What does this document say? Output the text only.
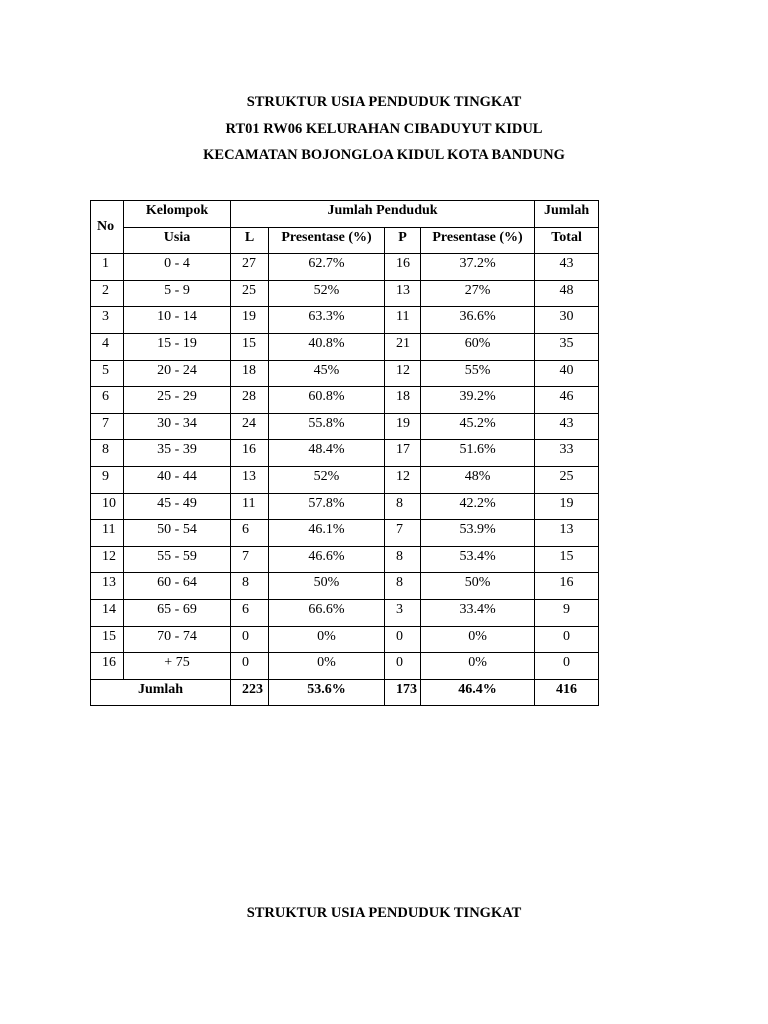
STRUKTUR USIA PENDUDUK TINGKAT
RT01 RW06 KELURAHAN CIBADUYUT KIDUL
KECAMATAN BOJONGLOA KIDUL KOTA BANDUNG
No	Kelompok	Jumlah Penduduk				Jumlah
	Usia	L	Presentase (%)	P	Presentase (%)	Total
1	0 - 4	27	62.7%	16	37.2%	43
2	5 - 9	25	52%	13	27%	48
3	10 - 14	19	63.3%	11	36.6%	30
4	15 - 19	15	40.8%	21	60%	35
5	20 - 24	18	45%	12	55%	40
6	25 - 29	28	60.8%	18	39.2%	46
7	30 - 34	24	55.8%	19	45.2%	43
8	35 - 39	16	48.4%	17	51.6%	33
9	40 - 44	13	52%	12	48%	25
10	45 - 49	11	57.8%	8	42.2%	19
11	50 - 54	6	46.1%	7	53.9%	13
12	55 - 59	7	46.6%	8	53.4%	15
13	60 - 64	8	50%	8	50%	16
14	65 - 69	6	66.6%	3	33.4%	9
15	70 - 74	0	0%	0	0%	0
16	+ 75	0	0%	0	0%	0
Jumlah		223	53.6%	173	46.4%	416
STRUKTUR USIA PENDUDUK TINGKAT
